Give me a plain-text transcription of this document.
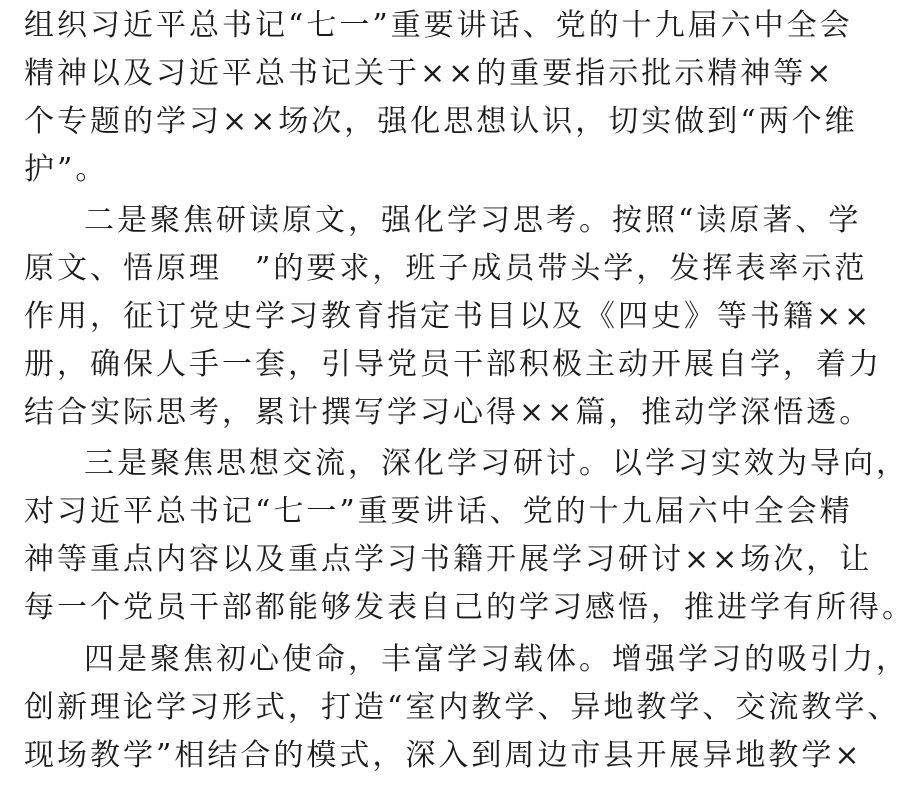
组织习近平总书记“七一”重要讲话、党的十九届六中全会
精神以及习近平总书记关于××的重要指示批示精神等×
个专题的学习××场次，强化思想认识，切实做到“两个维
护”。
二是聚焦研读原文，强化学习思考。按照“读原著、学
原文、悟原理　”的要求，班子成员带头学，发挥表率示范
作用，征订党史学习教育指定书目以及《四史》等书籍××
册，确保人手一套，引导党员干部积极主动开展自学，着力
结合实际思考，累计撰写学习心得××篇，推动学深悟透。
三是聚焦思想交流，深化学习研讨。以学习实效为导向，
对习近平总书记“七一”重要讲话、党的十九届六中全会精
神等重点内容以及重点学习书籍开展学习研讨××场次，让
每一个党员干部都能够发表自己的学习感悟，推进学有所得。
四是聚焦初心使命，丰富学习载体。增强学习的吸引力，
创新理论学习形式，打造“室内教学、异地教学、交流教学、
现场教学”相结合的模式，深入到周边市县开展异地教学×
